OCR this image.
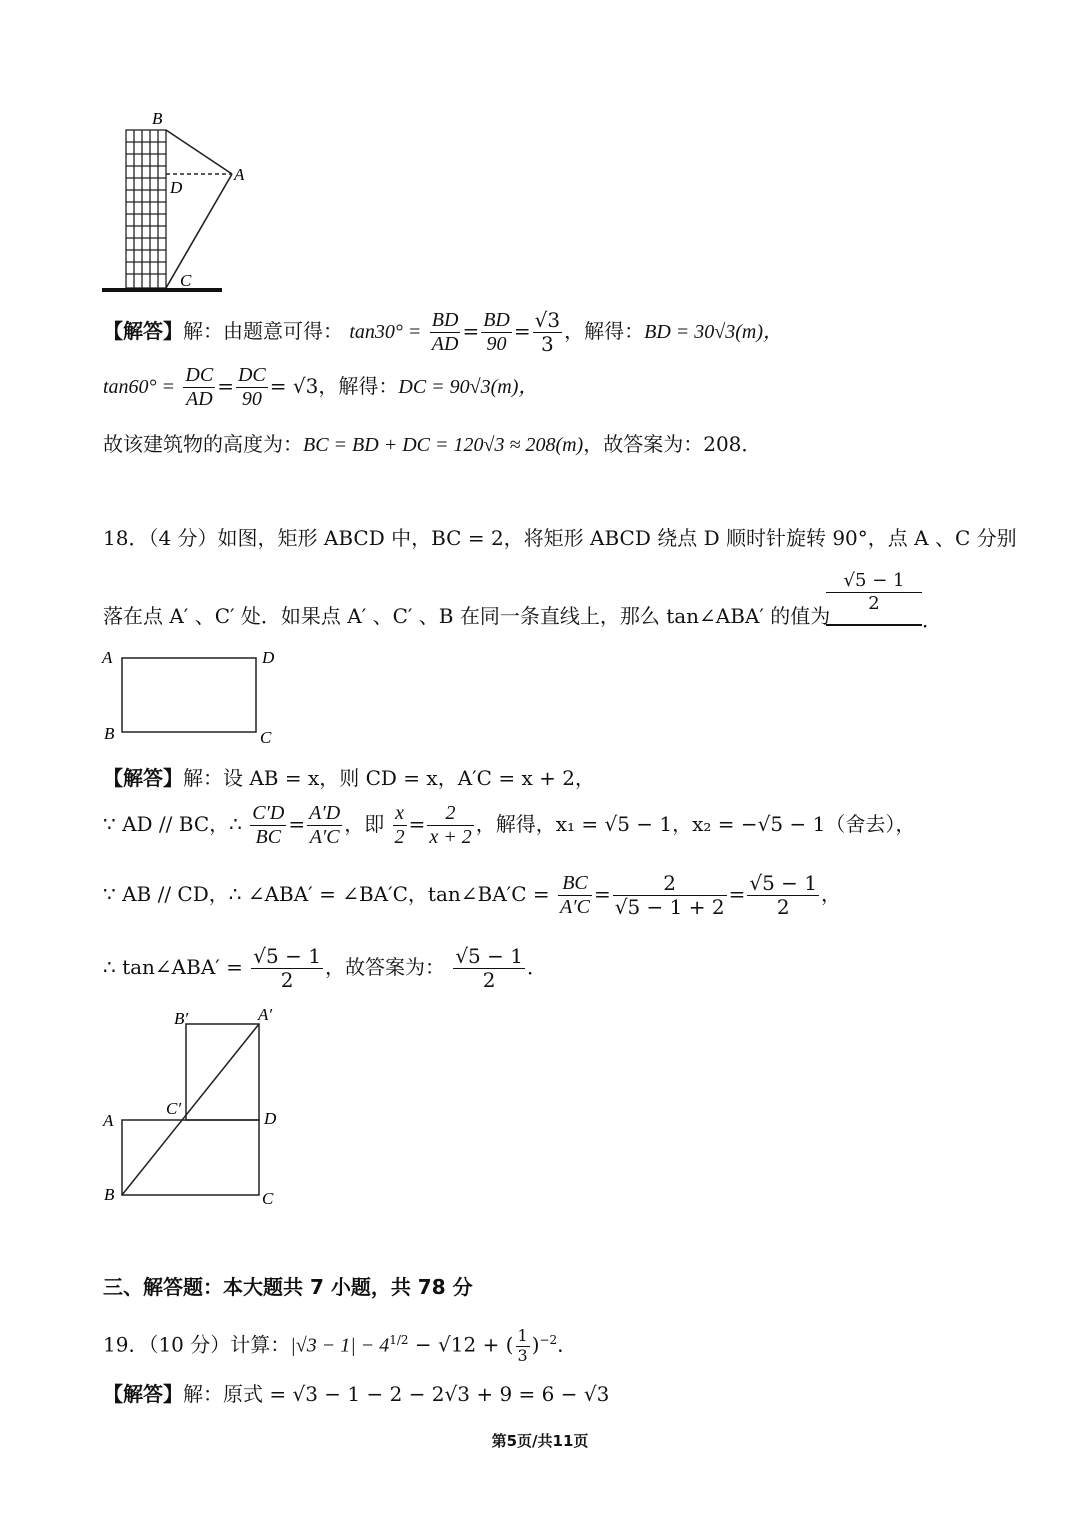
B
D
A
C
【解答】解：由题意可得： $\tan 30^\circ = \frac{BD}{AD} = \frac{BD}{90} = \frac{√3}{3}$ ，解得：BD = 30√3(m)，
$\tan 60^\circ = \frac{DC}{AD} = \frac{DC}{90} = √3$，解得：DC = 90√3(m)，
故该建筑物的高度为：BC = BD + DC = 120√3 ≈ 208(m)，故答案为：208．
18．（4 分）如图，矩形 ABCD 中，BC = 2，将矩形 ABCD 绕点 D 顺时针旋转 90°，点 A 、C 分别
落在点 A′ 、C′ 处．如果点 A′ 、C′ 、B 在同一条直线上，那么 tan∠ABA′ 的值为
√5 − 1
2
．
A	D
B	C
【解答】解：设 AB = x，则 CD = x，A′C = x + 2，
∵ AD // BC，∴ $\frac{C'D}{BC} = \frac{A'D}{A'C}$ ，即 $\frac{x}{2} = \frac{2}{x + 2}$ ，解得，x₁ = √5 − 1，x₂ = −√5 − 1（舍去），
∵ AB // CD，∴ ∠ABA′ = ∠BA′C，tan∠BA′C = $\frac{BC}{A'C} = \frac{2}{√5 - 1 + 2} = \frac{√5 - 1}{2}$ ，
∴ tan∠ABA′ = $\frac{√5 - 1}{2}$ ，故答案为： $\frac{√5 - 1}{2}$ ．
B′	A′
C′
A	D
B	C
三、解答题：本大题共 7 小题，共 78 分
19．（10 分）计算：$|√3 - 1| - 4^{1/2} - √12$ + ( $\frac{1}{3} )^{-2}$．
【解答】解：原式 = √3 − 1 − 2 − 2√3 + 9 = 6 − √3
第5页/共11页
